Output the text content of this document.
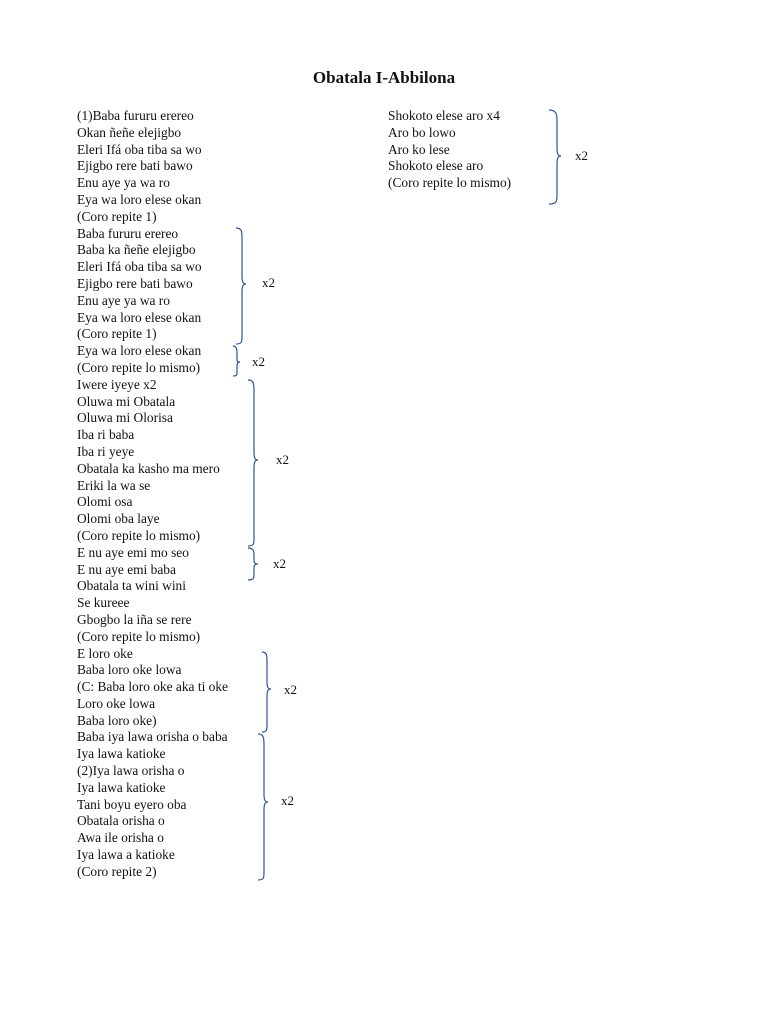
Obatala I-Abbilona
(1)Baba fururu erereo
Okan ñeñe elejigbo
Eleri Ifá oba tiba sa wo
Ejigbo rere bati bawo
Enu aye ya wa ro
Eya wa loro elese okan
(Coro repite 1)
Baba fururu erereo
Baba ka ñeñe elejigbo
Eleri Ifá oba tiba sa wo
Ejigbo rere bati bawo
Enu aye ya wa ro
Eya wa loro elese okan
(Coro repite 1)
Eya wa loro elese okan
(Coro repite lo mismo)
Iwere iyeye x2
Oluwa mi Obatala
Oluwa mi Olorisa
Iba ri baba
Iba ri yeye
Obatala ka kasho ma mero
Eriki la wa se
Olomi osa
Olomi oba laye
(Coro repite lo mismo)
E nu aye emi mo seo
E nu aye emi baba
Obatala ta wini wini
Se kureee
Gbogbo la iña se rere
(Coro repite lo mismo)
E loro oke
Baba loro oke lowa
(C: Baba loro oke aka ti oke
Loro oke lowa
Baba loro oke)
Baba iya lawa orisha o baba
Iya lawa katioke
(2)Iya lawa orisha o
Iya lawa katioke
Tani boyu eyero oba
Obatala orisha o
Awa ile orisha o
Iya lawa a katioke
(Coro repite 2)
Shokoto elese aro x4
Aro bo lowo
Aro ko lese
Shokoto elese aro
(Coro repite lo mismo)
x2
x2
x2
x2
x2
x2
x2
